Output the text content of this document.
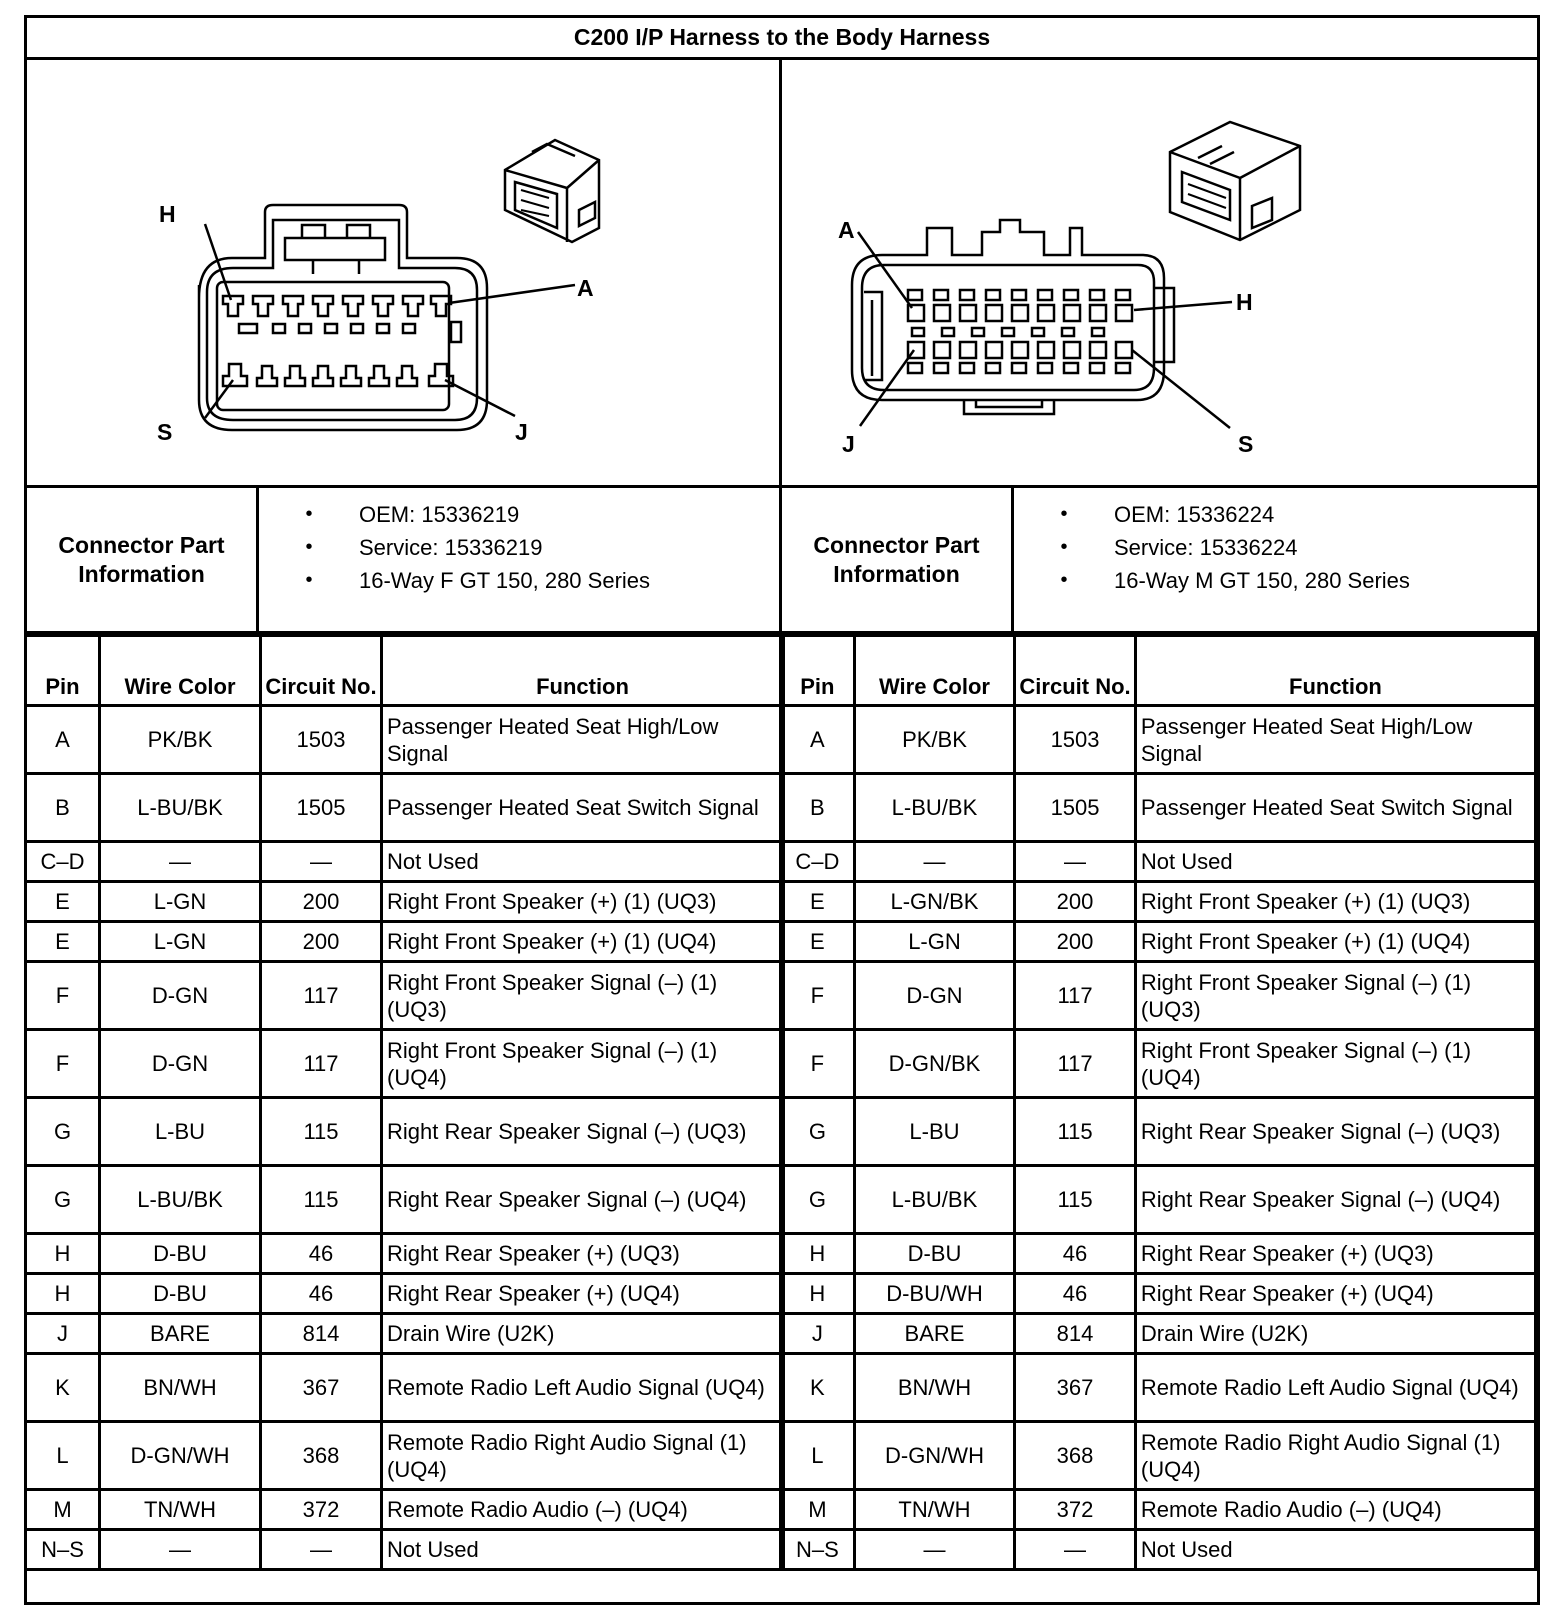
C200 I/P Harness to the Body Harness
H
A
S	J
A
H
J	S
Connector Part Information
•	OEM: 15336219
•	Service: 15336219
•	16-Way F GT 150, 280 Series
Connector Part Information
•	OEM: 15336224
•	Service: 15336224
•	16-Way M GT 150, 280 Series
Pin	Wire Color	Circuit No.	Function
A	PK/BK	1503	Passenger Heated Seat High/Low Signal
B	L-BU/BK	1505	Passenger Heated Seat Switch Signal
C–D	—	—	Not Used
E	L-GN	200	Right Front Speaker (+) (1) (UQ3)
E	L-GN	200	Right Front Speaker (+) (1) (UQ4)
F	D-GN	117	Right Front Speaker Signal (–) (1) (UQ3)
F	D-GN	117	Right Front Speaker Signal (–) (1) (UQ4)
G	L-BU	115	Right Rear Speaker Signal (–) (UQ3)
G	L-BU/BK	115	Right Rear Speaker Signal (–) (UQ4)
H	D-BU	46	Right Rear Speaker (+) (UQ3)
H	D-BU	46	Right Rear Speaker (+) (UQ4)
J	BARE	814	Drain Wire (U2K)
K	BN/WH	367	Remote Radio Left Audio Signal (UQ4)
L	D-GN/WH	368	Remote Radio Right Audio Signal (1) (UQ4)
M	TN/WH	372	Remote Radio Audio (–) (UQ4)
N–S	—	—	Not Used
Pin	Wire Color	Circuit No.	Function
A	PK/BK	1503	Passenger Heated Seat High/Low Signal
B	L-BU/BK	1505	Passenger Heated Seat Switch Signal
C–D	—	—	Not Used
E	L-GN/BK	200	Right Front Speaker (+) (1) (UQ3)
E	L-GN	200	Right Front Speaker (+) (1) (UQ4)
F	D-GN	117	Right Front Speaker Signal (–) (1) (UQ3)
F	D-GN/BK	117	Right Front Speaker Signal (–) (1) (UQ4)
G	L-BU	115	Right Rear Speaker Signal (–) (UQ3)
G	L-BU/BK	115	Right Rear Speaker Signal (–) (UQ4)
H	D-BU	46	Right Rear Speaker (+) (UQ3)
H	D-BU/WH	46	Right Rear Speaker (+) (UQ4)
J	BARE	814	Drain Wire (U2K)
K	BN/WH	367	Remote Radio Left Audio Signal (UQ4)
L	D-GN/WH	368	Remote Radio Right Audio Signal (1) (UQ4)
M	TN/WH	372	Remote Radio Audio (–) (UQ4)
N–S	—	—	Not Used
